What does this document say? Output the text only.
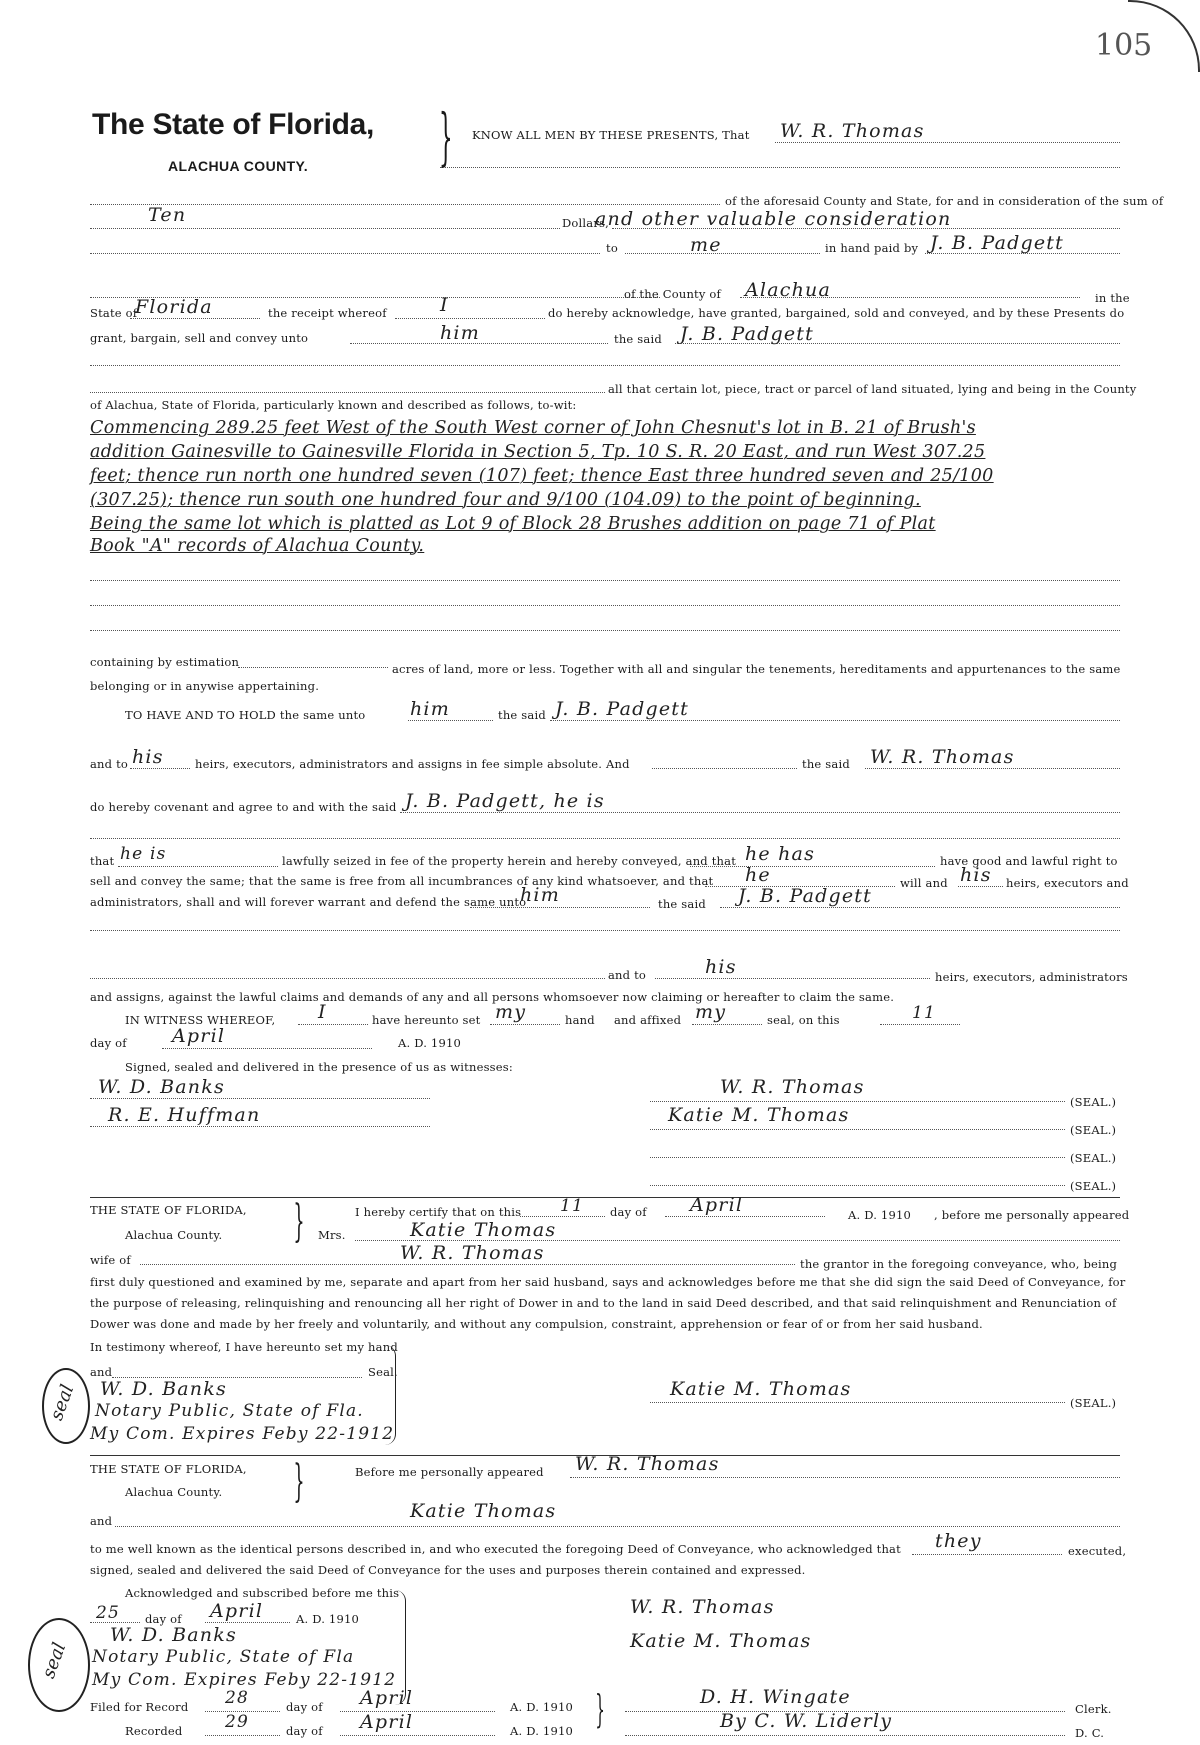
105
The State of Florida,
ALACHUA COUNTY. } KNOW ALL MEN BY THESE PRESENTS, That W. R. Thomas
of the aforesaid County and State, for and in consideration of the sum of
Ten	Dollars,
and other valuable consideration
to	me	in hand paid by J. B. Padgett
of the County of Alachua	in the
State of
Florida	the receipt whereof	I	do hereby acknowledge, have granted, bargained, sold and conveyed, and by these Presents do
grant, bargain, sell and convey unto	him	the said J. B. Padgett
all that certain lot, piece, tract or parcel of land situated, lying and being in the County
of Alachua, State of Florida, particularly known and described as follows, to-wit:
Commencing 289.25 feet West of the South West corner of John Chesnut's lot in B. 21 of Brush's
addition Gainesville to Gainesville Florida in Section 5, Tp. 10 S. R. 20 East, and run West 307.25
feet; thence run north one hundred seven (107) feet; thence East three hundred seven and 25/100
(307.25); thence run south one hundred four and 9/100 (104.09) to the point of beginning.
Being the same lot which is platted as Lot 9 of Block 28 Brushes addition on page 71 of Plat
Book "A" records of Alachua County.
containing by estimation	acres of land, more or less. Together with all and singular the tenements, hereditaments and appurtenances to the same
belonging or in anywise appertaining.
TO HAVE AND TO HOLD the same unto him	the said J. B. Padgett
and to his	heirs, executors, administrators and assigns in fee simple absolute. And	the said W. R. Thomas
do hereby covenant and agree to and with the said J. B. Padgett, he is
that he is	lawfully seized in fee of the property herein and hereby conveyed, and that he has	have good and lawful right to
sell and convey the same; that the same is free from all incumbrances of any kind whatsoever, and that he	will and his heirs, executors and
administrators, shall and will forever warrant and defend the same unto
him	the said J. B. Padgett
and to	his	heirs, executors, administrators
and assigns, against the lawful claims and demands of any and all persons whomsoever now claiming or hereafter to claim the same.
IN WITNESS WHEREOF, I	have hereunto set my	hand and affixed my	seal, on this	11
day of April	A. D. 1910
Signed, sealed and delivered in the presence of us as witnesses:
W. D. Banks
R. E. Huffman
W. R. Thomas
(SEAL.)
Katie M. Thomas
(SEAL.)
(SEAL.)
(SEAL.)
THE STATE OF FLORIDA,
Alachua County. }	I hereby certify that on this 11 day of April	A. D. 1910 , before me personally appeared
Mrs.	Katie Thomas
wife of	W. R. Thomas	the grantor in the foregoing conveyance, who, being
first duly questioned and examined by me, separate and apart from her said husband, says and acknowledges before me that she did sign the said Deed of Conveyance, for
the purpose of releasing, relinquishing and renouncing all her right of Dower in and to the land in said Deed described, and that said relinquishment and Renunciation of
Dower was done and made by her freely and voluntarily, and without any compulsion, constraint, apprehension or fear of or from her said husband.
In testimony whereof, I have hereunto set my hand
and	Seal.
W. D. Banks
Notary Public, State of Fla.
My Com. Expires Feby 22-1912
seal	Katie M. Thomas
(SEAL.)
THE STATE OF FLORIDA,
Alachua County. }	Before me personally appeared W. R. Thomas
and	Katie Thomas
to me well known as the identical persons described in, and who executed the foregoing Deed of Conveyance, who acknowledged that they	executed,
signed, sealed and delivered the said Deed of Conveyance for the uses and purposes therein contained and expressed.
Acknowledged and subscribed before me this
25 day of April	A. D. 1910
W. D. Banks
Notary Public, State of Fla
My Com. Expires Feby 22-1912
seal
W. R. Thomas
Katie M. Thomas
Filed for Record 28	day of April	A. D. 1910 }	D. H. Wingate
Clerk.
Recorded	29	day of April	A. D. 1910	By C. W. Liderly
D. C.
